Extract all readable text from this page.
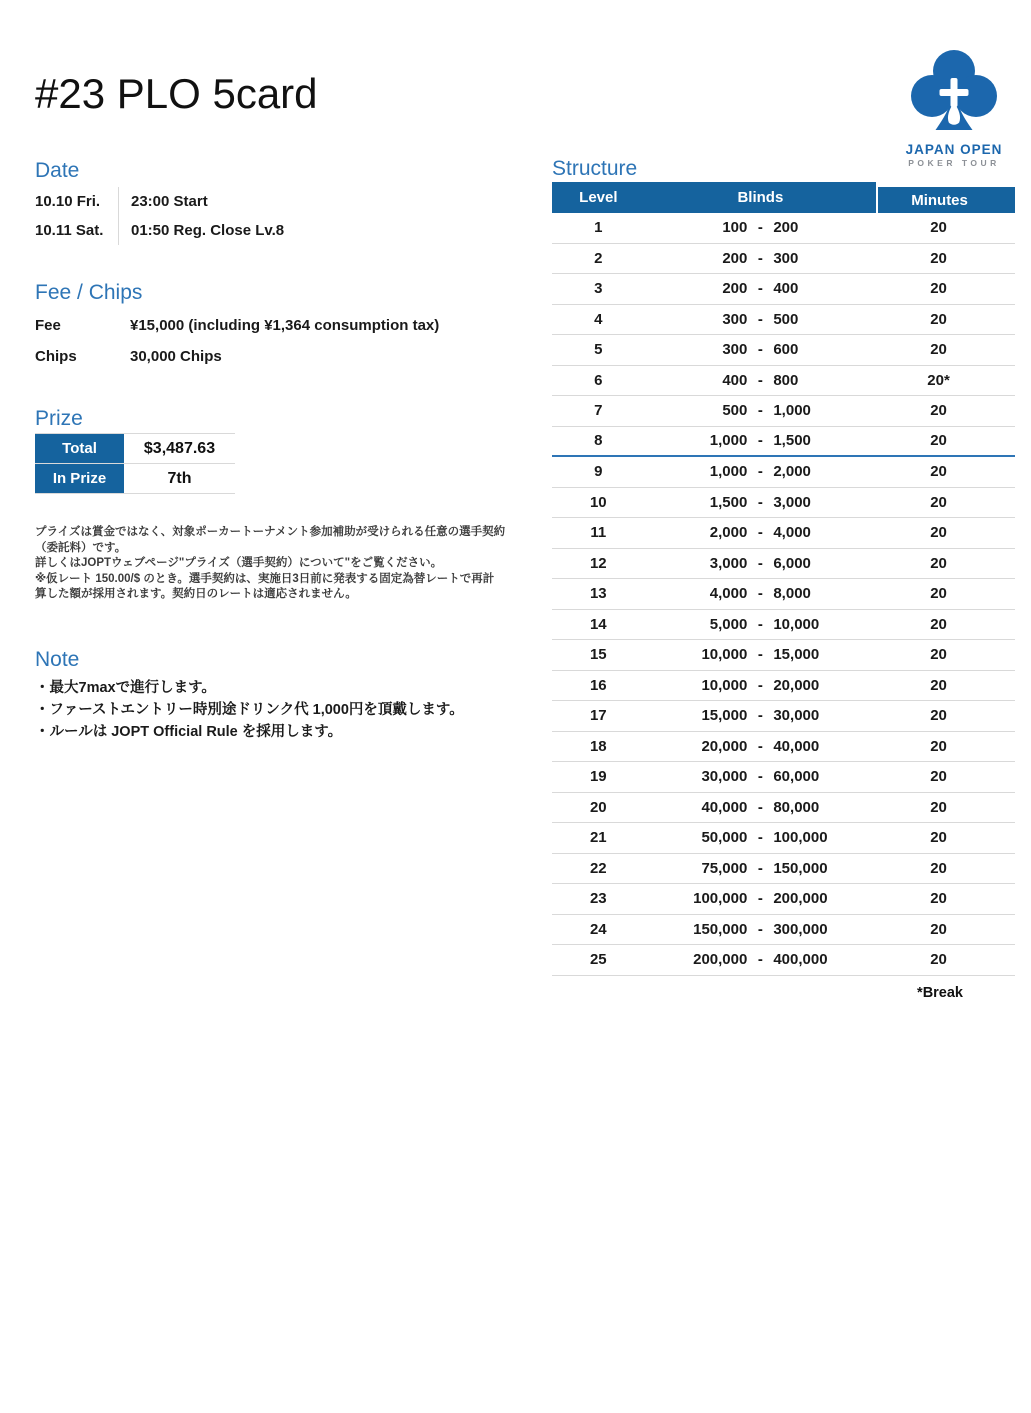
#23 PLO 5card
JAPAN OPEN
POKER TOUR
Date
10.10 Fri.	23:00 Start
10.11 Sat.	01:50 Reg. Close Lv.8
Fee / Chips
Fee	¥15,000 (including ¥1,364 consumption tax)
Chips	30,000 Chips
Prize
Total	$3,487.63
In Prize	7th
プライズは賞金ではなく、対象ポーカートーナメント参加補助が受けられる任意の選手契約
（委託料）です。
詳しくはJOPTウェブページ"プライズ（選手契約）について"をご覧ください。
※仮レート 150.00/$ のとき。選手契約は、実施日3日前に発表する固定為替レートで再計
算した額が採用されます。契約日のレートは適応されません。
Note
・最大7maxで進行します。
・ファーストエントリー時別途ドリンク代 1,000円を頂戴します。
・ルールは JOPT Official Rule を採用します。
Structure
Level	Blinds	Minutes
1	100 - 200	20
2	200 - 300	20
3	200 - 400	20
4	300 - 500	20
5	300 - 600	20
6	400 - 800	20*
7	500 - 1,000	20
8	1,000 - 1,500	20
9	1,000 - 2,000	20
10	1,500 - 3,000	20
11	2,000 - 4,000	20
12	3,000 - 6,000	20
13	4,000 - 8,000	20
14	5,000 - 10,000	20
15	10,000 - 15,000	20
16	10,000 - 20,000	20
17	15,000 - 30,000	20
18	20,000 - 40,000	20
19	30,000 - 60,000	20
20	40,000 - 80,000	20
21	50,000 - 100,000	20
22	75,000 - 150,000	20
23	100,000 - 200,000	20
24	150,000 - 300,000	20
25	200,000 - 400,000	20
*Break
